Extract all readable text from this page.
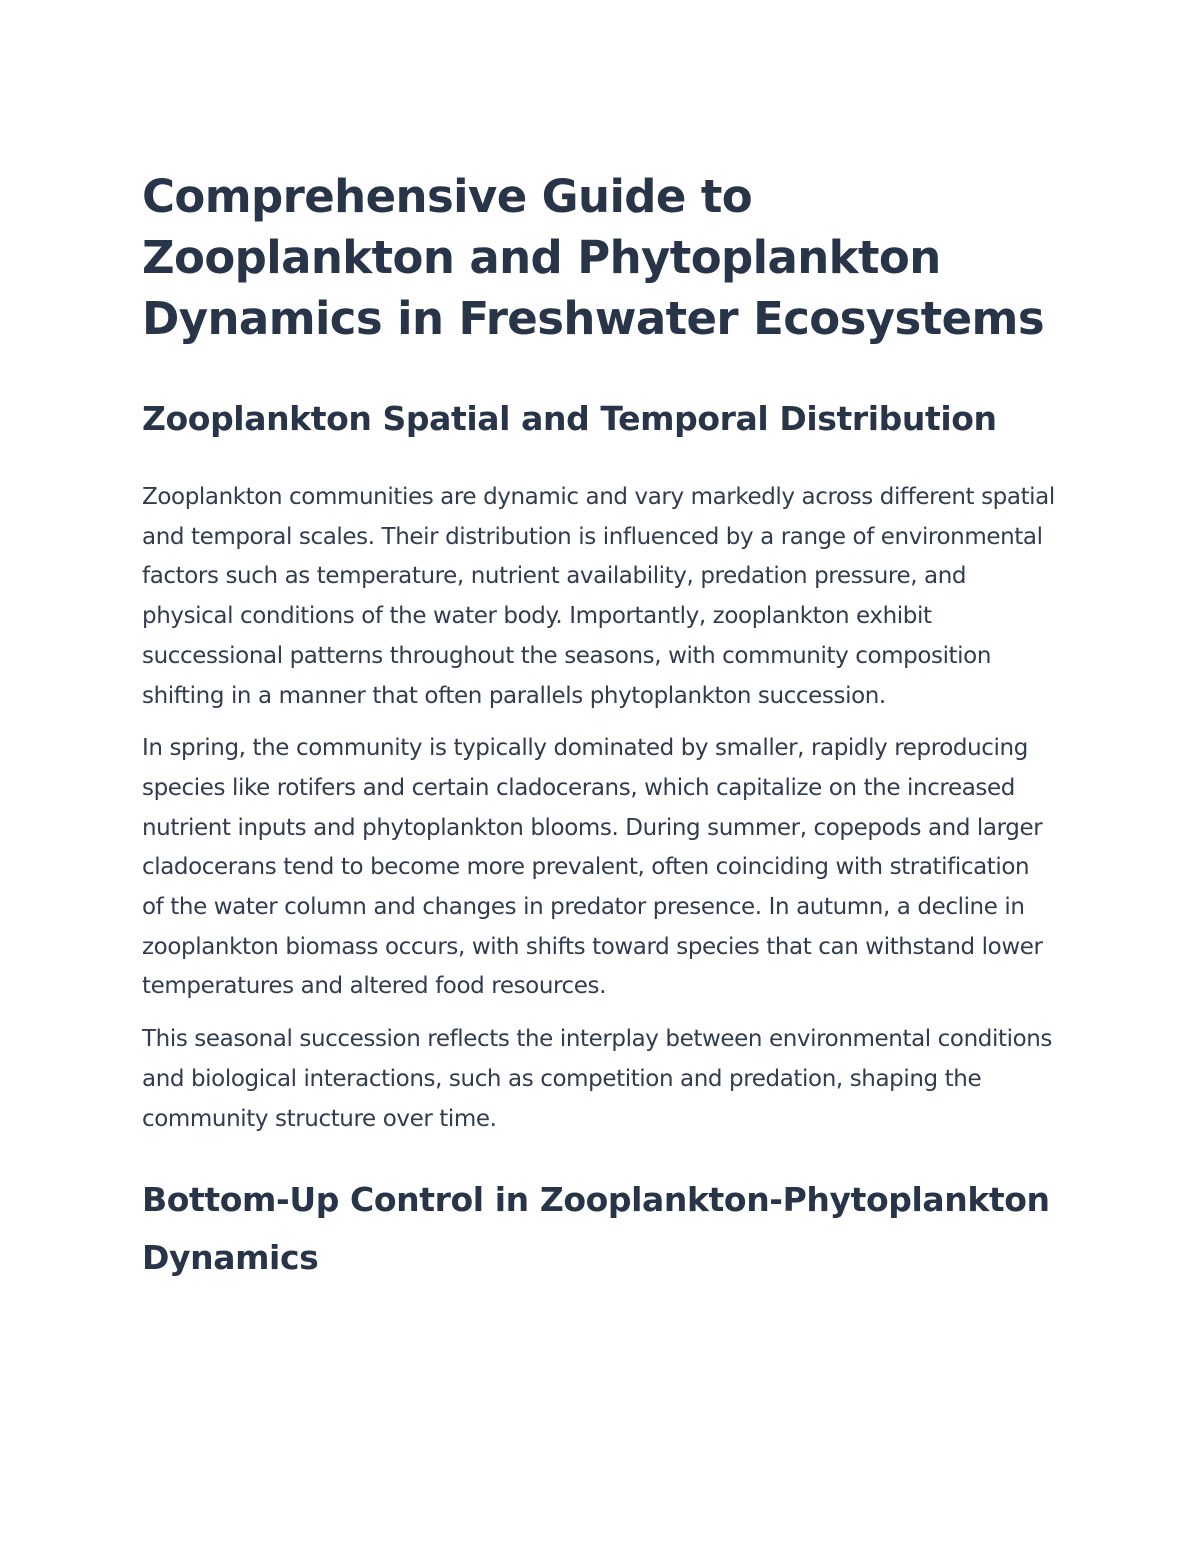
Comprehensive Guide to Zooplankton and Phytoplankton Dynamics in Freshwater Ecosystems
Zooplankton Spatial and Temporal Distribution

Zooplankton communities are dynamic and vary markedly across different spatial and temporal scales. Their distribution is influenced by a range of environmental factors such as temperature, nutrient availability, predation pressure, and physical conditions of the water body. Importantly, zooplankton exhibit successional patterns throughout the seasons, with community composition shifting in a manner that often parallels phytoplankton succession.

In spring, the community is typically dominated by smaller, rapidly reproducing species like rotifers and certain cladocerans, which capitalize on the increased nutrient inputs and phytoplankton blooms. During summer, copepods and larger cladocerans tend to become more prevalent, often coinciding with stratification of the water column and changes in predator presence. In autumn, a decline in zooplankton biomass occurs, with shifts toward species that can withstand lower temperatures and altered food resources.

This seasonal succession reflects the interplay between environmental conditions and biological interactions, such as competition and predation, shaping the community structure over time.

Bottom-Up Control in Zooplankton-Phytoplankton Dynamics
